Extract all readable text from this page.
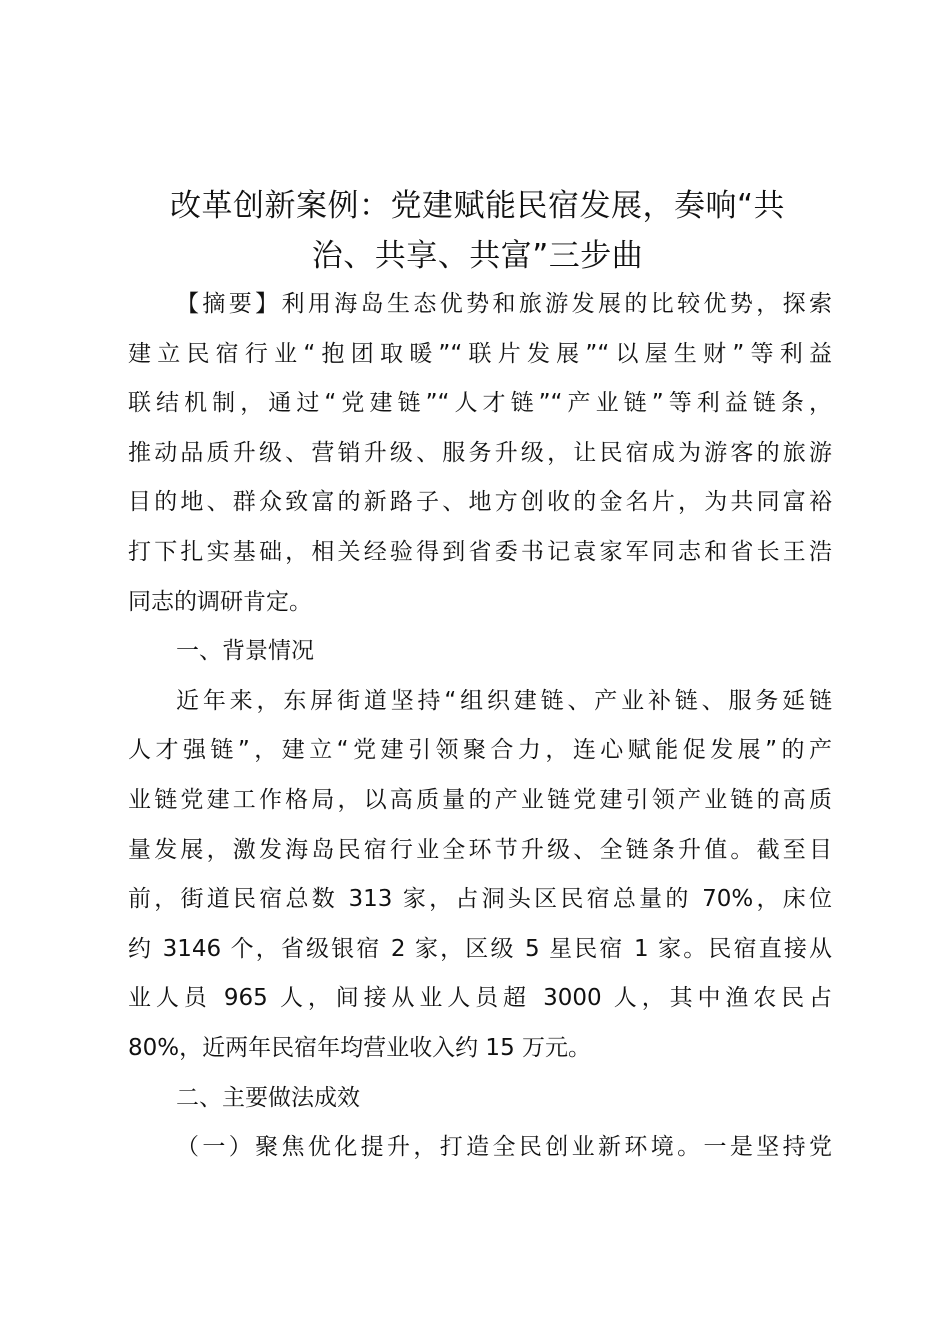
改革创新案例：党建赋能民宿发展，奏响“共
治、共享、共富”三步曲
【摘要】利用海岛生态优势和旅游发展的比较优势，探索
建立民宿行业“抱团取暖”“联片发展”“以屋生财”等利益
联结机制，通过“党建链”“人才链”“产业链”等利益链条，
推动品质升级、营销升级、服务升级，让民宿成为游客的旅游
目的地、群众致富的新路子、地方创收的金名片，为共同富裕
打下扎实基础，相关经验得到省委书记袁家军同志和省长王浩
同志的调研肯定。
一、背景情况
近年来，东屏街道坚持“组织建链、产业补链、服务延链
人才强链”，建立“党建引领聚合力，连心赋能促发展”的产
业链党建工作格局，以高质量的产业链党建引领产业链的高质
量发展，激发海岛民宿行业全环节升级、全链条升值。截至目
前，街道民宿总数 313 家，占洞头区民宿总量的 70%，床位
约 3146 个，省级银宿 2 家，区级 5 星民宿 1 家。民宿直接从
业人员 965 人，间接从业人员超 3000 人，其中渔农民占
80%，近两年民宿年均营业收入约 15 万元。
二、主要做法成效
（一）聚焦优化提升，打造全民创业新环境。一是坚持党
